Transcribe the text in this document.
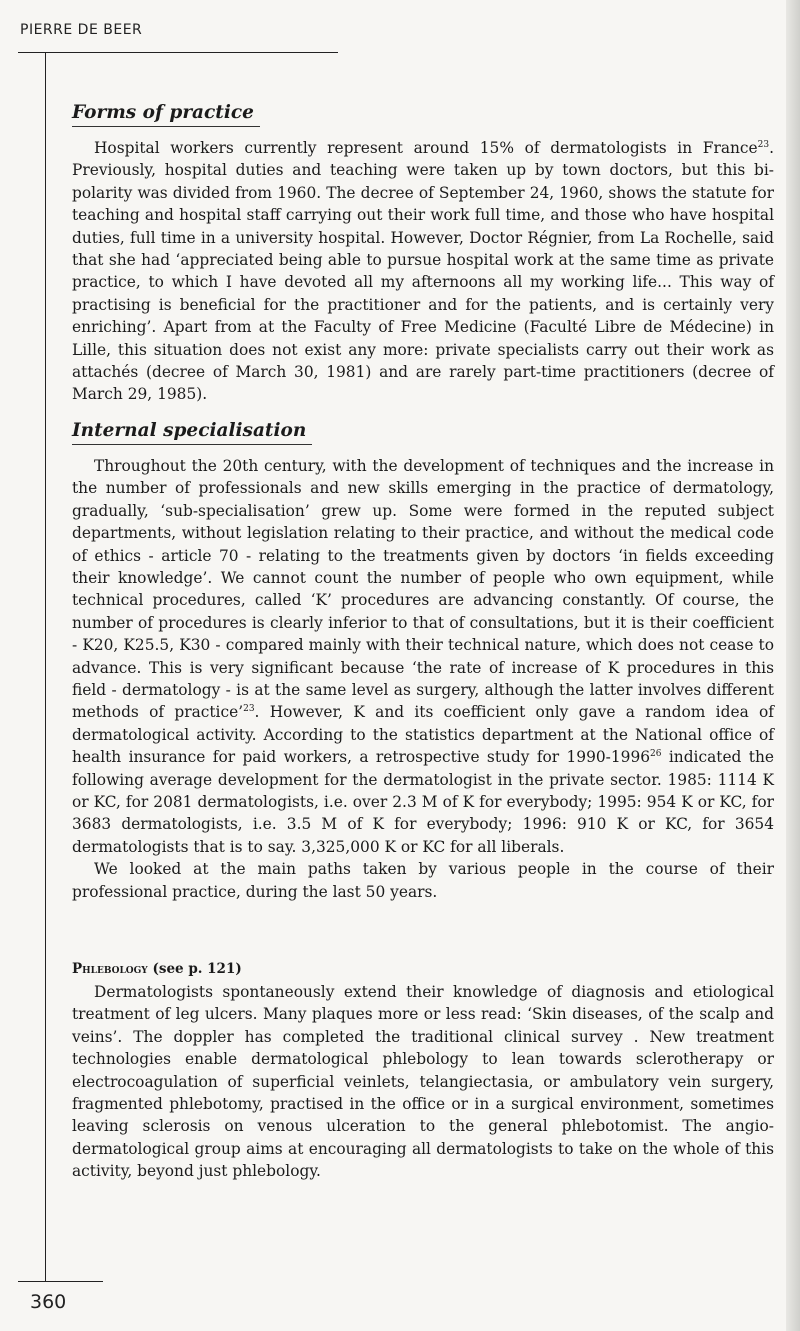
PIERRE DE BEER
Forms of practice

Hospital workers currently represent around 15% of dermatologists in France$^{23}$. Previously, hospital duties and teaching were taken up by town doctors, but this bi-polarity was divided from 1960. The decree of September 24, 1960, shows the statute for teaching and hospital staff carrying out their work full time, and those who have hospital duties, full time in a university hospital. However, Doctor Régnier, from La Rochelle, said that she had ‘appreciated being able to pursue hospital work at the same time as private practice, to which I have devoted all my afternoons all my working life... This way of practising is beneficial for the practitioner and for the patients, and is certainly very enriching’. Apart from at the Faculty of Free Medicine (Faculté Libre de Médecine) in Lille, this situation does not exist any more: private specialists carry out their work as attachés (decree of March 30, 1981) and are rarely part-time practitioners (decree of March 29, 1985).

Internal specialisation

Throughout the 20th century, with the development of techniques and the increase in the number of professionals and new skills emerging in the practice of dermatology, gradually, ‘sub-specialisation’ grew up. Some were formed in the reputed subject departments, without legislation relating to their practice, and without the medical code of ethics - article 70 - relating to the treatments given by doctors ‘in fields exceeding their knowledge’. We cannot count the number of people who own equipment, while technical procedures, called ‘K’ procedures are advancing constantly. Of course, the number of procedures is clearly inferior to that of consultations, but it is their coefficient - K20, K25.5, K30 - compared mainly with their technical nature, which does not cease to advance. This is very significant because ‘the rate of increase of K procedures in this field - dermatology - is at the same level as surgery, although the latter involves different methods of practice’$^{23}$. However, K and its coefficient only gave a random idea of dermatological activity. According to the statistics department at the National office of health insurance for paid workers, a retrospective study for 1990-1996$^{26}$ indicated the following average development for the dermatologist in the private sector. 1985: 1114 K or KC, for 2081 dermatologists, i.e. over 2.3 M of K for everybody; 1995: 954 K or KC, for 3683 dermatologists, i.e. 3.5 M of K for everybody; 1996: 910 K or KC, for 3654 dermatologists that is to say. 3,325,000 K or KC for all liberals.

We looked at the main paths taken by various people in the course of their professional practice, during the last 50 years.

Phlebology (see p. 121)

Dermatologists spontaneously extend their knowledge of diagnosis and etiological treatment of leg ulcers. Many plaques more or less read: ‘Skin diseases, of the scalp and veins’. The doppler has completed the traditional clinical survey . New treatment technologies enable dermatological phlebology to lean towards sclerotherapy or electrocoagulation of superficial veinlets, telangiectasia, or ambulatory vein surgery, fragmented phlebotomy, practised in the office or in a surgical environment, sometimes leaving sclerosis on venous ulceration to the general phlebotomist. The angio-dermatological group aims at encouraging all dermatologists to take on the whole of this activity, beyond just phlebology.

360
